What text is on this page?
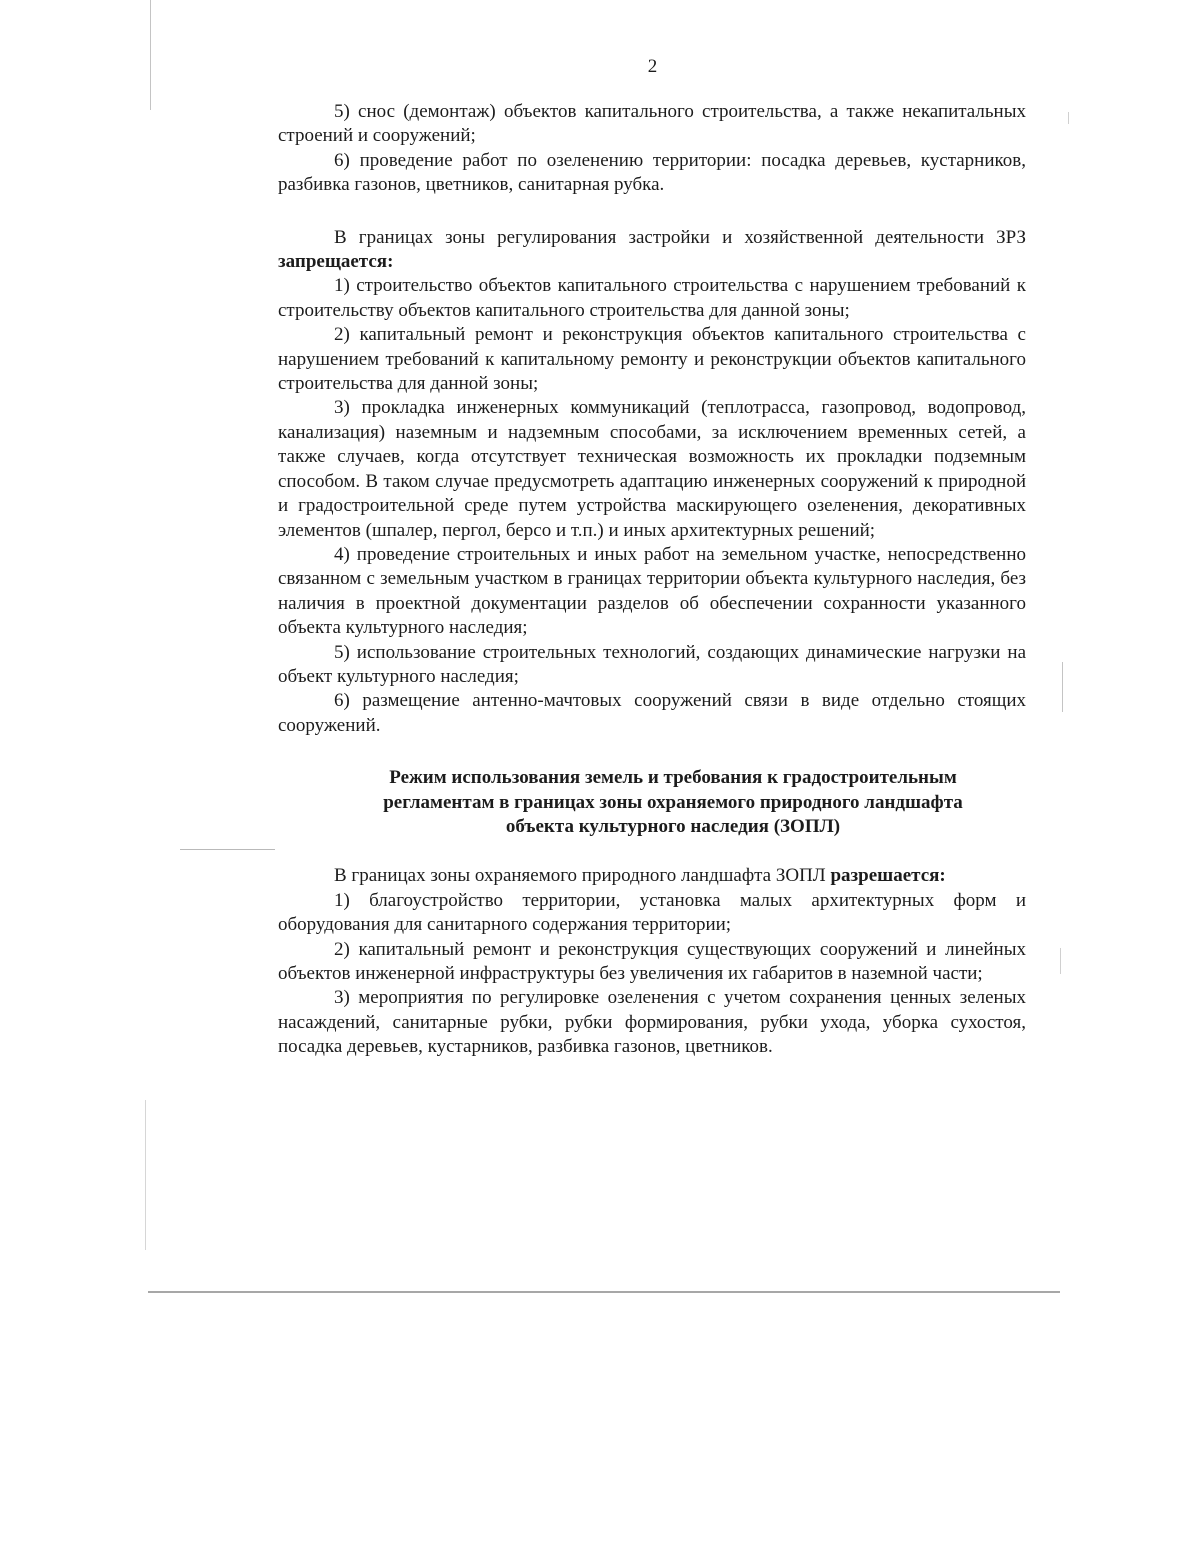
2

5) снос (демонтаж) объектов капитального строительства, а также некапитальных строений и сооружений;

6) проведение работ по озеленению территории: посадка деревьев, кустарников, разбивка газонов, цветников, санитарная рубка.

В границах зоны регулирования застройки и хозяйственной деятельности ЗРЗ запрещается:

1) строительство объектов капитального строительства с нарушением требований к строительству объектов капитального строительства для данной зоны;

2) капитальный ремонт и реконструкция объектов капитального строительства с нарушением требований к капитальному ремонту и реконструкции объектов капитального строительства для данной зоны;

3) прокладка инженерных коммуникаций (теплотрасса, газопровод, водопровод, канализация) наземным и надземным способами, за исключением временных сетей, а также случаев, когда отсутствует техническая возможность их прокладки подземным способом. В таком случае предусмотреть адаптацию инженерных сооружений к природной и градостроительной среде путем устройства маскирующего озеленения, декоративных элементов (шпалер, пергол, берсо и т.п.) и иных архитектурных решений;

4) проведение строительных и иных работ на земельном участке, непосредственно связанном с земельным участком в границах территории объекта культурного наследия, без наличия в проектной документации разделов об обеспечении сохранности указанного объекта культурного наследия;

5) использование строительных технологий, создающих динамические нагрузки на объект культурного наследия;

6) размещение антенно-мачтовых сооружений связи в виде отдельно стоящих сооружений.

Режим использования земель и требования к градостроительным
регламентам в границах зоны охраняемого природного ландшафта
объекта культурного наследия (ЗОПЛ)

В границах зоны охраняемого природного ландшафта ЗОПЛ разрешается:

1) благоустройство территории, установка малых архитектурных форм и оборудования для санитарного содержания территории;

2) капитальный ремонт и реконструкция существующих сооружений и линейных объектов инженерной инфраструктуры без увеличения их габаритов в наземной части;

3) мероприятия по регулировке озеленения с учетом сохранения ценных зеленых насаждений, санитарные рубки, рубки формирования, рубки ухода, уборка сухостоя, посадка деревьев, кустарников, разбивка газонов, цветников.
